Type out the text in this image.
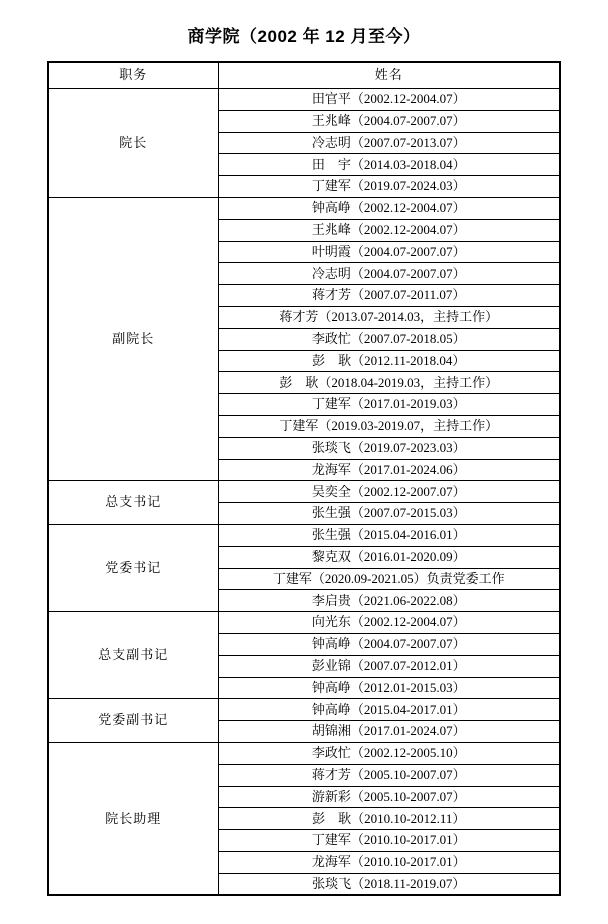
商学院（2002 年 12 月至今）
职务	姓名
院长	田官平（2002.12-2004.07）
	王兆峰（2004.07-2007.07）
	冷志明（2007.07-2013.07）
	田　宇（2014.03-2018.04）
	丁建军（2019.07-2024.03）
副院长	钟高峥（2002.12-2004.07）
	王兆峰（2002.12-2004.07）
	叶明霞（2004.07-2007.07）
	冷志明（2004.07-2007.07）
	蒋才芳（2007.07-2011.07）
	蒋才芳（2013.07-2014.03，主持工作）
	李政忙（2007.07-2018.05）
	彭　耿（2012.11-2018.04）
	彭　耿（2018.04-2019.03，主持工作）
	丁建军（2017.01-2019.03）
	丁建军（2019.03-2019.07，主持工作）
	张琰飞（2019.07-2023.03）
	龙海军（2017.01-2024.06）
总支书记	吴奕全（2002.12-2007.07）
	张生强（2007.07-2015.03）
党委书记	张生强（2015.04-2016.01）
	黎克双（2016.01-2020.09）
	丁建军（2020.09-2021.05）负责党委工作
	李启贵（2021.06-2022.08）
总支副书记	向光东（2002.12-2004.07）
	钟高峥（2004.07-2007.07）
	彭业锦（2007.07-2012.01）
	钟高峥（2012.01-2015.03）
党委副书记	钟高峥（2015.04-2017.01）
	胡锦湘（2017.01-2024.07）
院长助理	李政忙（2002.12-2005.10）
	蒋才芳（2005.10-2007.07）
	游新彩（2005.10-2007.07）
	彭　耿（2010.10-2012.11）
	丁建军（2010.10-2017.01）
	龙海军（2010.10-2017.01）
	张琰飞（2018.11-2019.07）
